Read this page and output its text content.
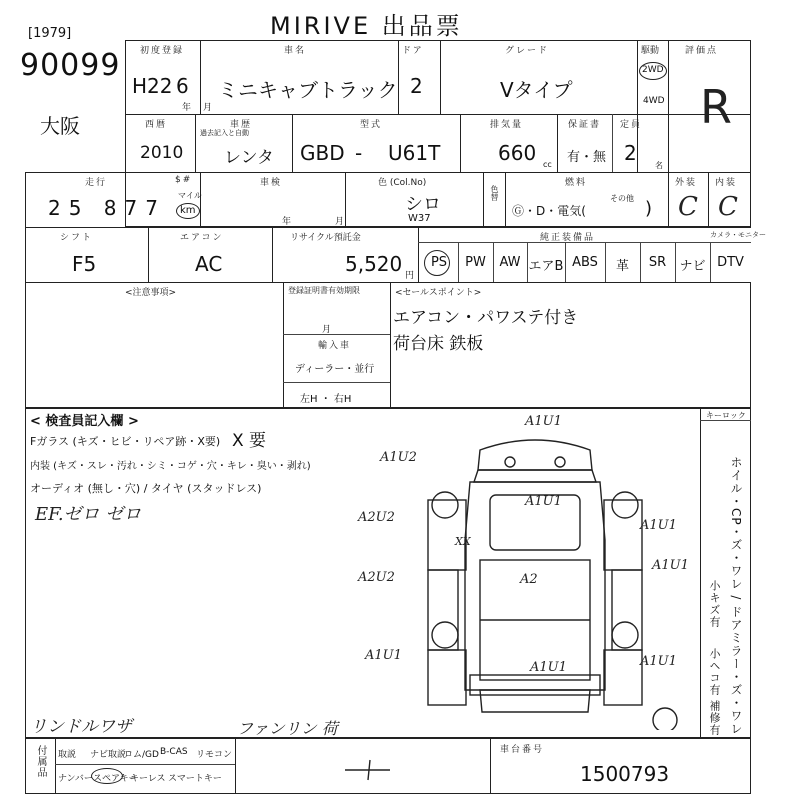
MIRIVE 出品票
[1979]
90099
大阪
初度登録
H22 6
年 月
車名
ミニキャブトラック
ドア
2
グレード
Vタイプ
駆動
2WD
4WD
評価点
R
西暦
2010
車歴
過去記入と自動
レンタ
型式
GBD - U61T
排気量
660 cc
保証書
有・無
定員
2
名
走行	$#
25 877
マイル
km
車検
年	月
色 (Col.No)
シロ
W37
色替
燃料
Ⓖ・D・電気(
その他 )
外装
C
内装
C
シフト
F5
エアコン
AC
リサイクル預託金
5,520 円
純正装備品	カメラ・モニター
PS	PW	AW エアB ABS	革	SR	ナビ DTV
<注意事項>	登録証明書有効期限
月
輸入車
ディーラー・並行
左H ・ 右H
<セールスポイント>
エアコン・パワステ付き
荷台床 鉄板
< 検査員記入欄 >
Fガラス (キズ・ヒビ・リペア跡・X要) X 要
内装 (キズ・スレ・汚れ・シミ・コゲ・穴・キレ・臭い・剥れ)
オーディオ (無し・穴) / タイヤ (スタッドレス)
EF.ゼロ ゼロ
リンドルワザ	ファンリン 荷
キーロック
ホイル・CP・ズ・ワレ / ドアミラー・ズ・ワレ
小キズ有
小ヘコ有
補修有
A1U1
A1U2
A1U1
A2U2
A1U1
A1U1
A2U2	A2
A1U1
A1U1	A1U1
XX
付属品 取説 ナビ取説
ロム/GD B-CAS リモコン
ナンバー スペアキー
キーレス スマートキー
車台番号
1500793
